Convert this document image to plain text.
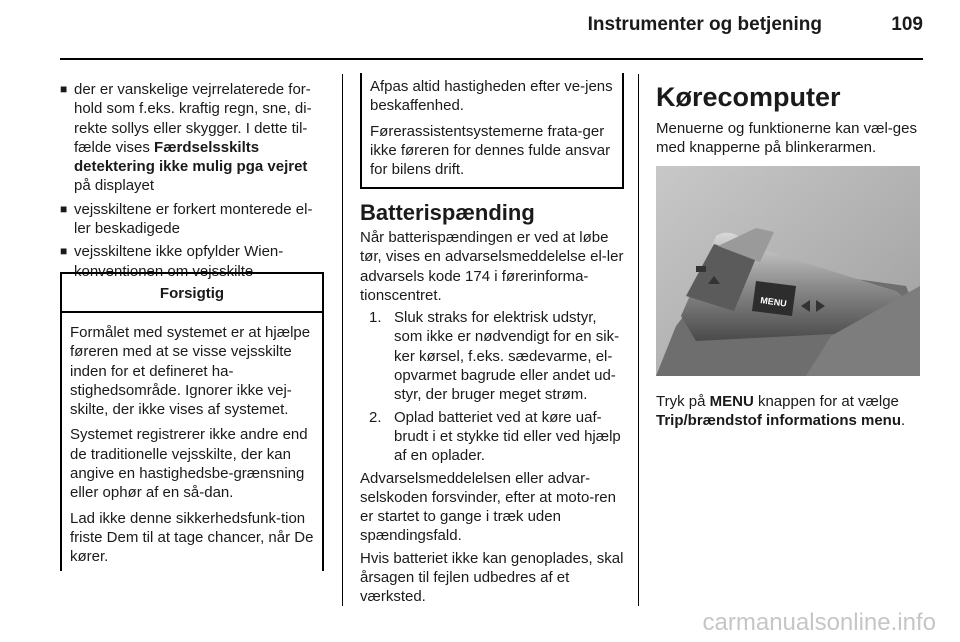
Instrumenter og betjening	109
■ der er vanskelige vejrrelaterede for-hold som f.eks. kraftig regn, sne, di-rekte sollys eller skygger. I dette til-fælde vises Færdselsskilts detektering ikke mulig pga vejret på displayet
■ vejsskiltene er forkert monterede el-ler beskadigede
■ vejsskiltene ikke opfylder Wien-konventionen om vejsskilte
Forsigtig

Formålet med systemet er at hjælpe føreren med at se visse vejsskilte inden for et defineret ha-stighedsområde. Ignorer ikke vej-skilte, der ikke vises af systemet.

Systemet registrerer ikke andre end de traditionelle vejsskilte, der kan angive en hastighedsbe-grænsning eller ophør af en så-dan.

Lad ikke denne sikkerhedsfunk-tion friste Dem til at tage chancer, når De kører.

Afpas altid hastigheden efter ve-jens beskaffenhed.

Førerassistentsystemerne frata-ger ikke føreren for dennes fulde ansvar for bilens drift.

Batterispænding

Når batterispændingen er ved at løbe tør, vises en advarselsmeddelelse el-ler advarsels kode 174 i førerinforma-tionscentret.

1. Sluk straks for elektrisk udstyr, som ikke er nødvendigt for en sik-ker kørsel, f.eks. sædevarme, el-opvarmet bagrude eller andet ud-styr, der bruger meget strøm.
2. Oplad batteriet ved at køre uaf-brudt i et stykke tid eller ved hjælp af en oplader.

Advarselsmeddelelsen eller advar-selskoden forsvinder, efter at moto-ren er startet to gange i træk uden spændingsfald.

Hvis batteriet ikke kan genoplades, skal årsagen til fejlen udbedres af et værksted.

Kørecomputer

Menuerne og funktionerne kan væl-ges med knapperne på blinkerarmen.

MENU

Tryk på MENU knappen for at vælge Trip/brændstof informations menu.

carmanualsonline.info
